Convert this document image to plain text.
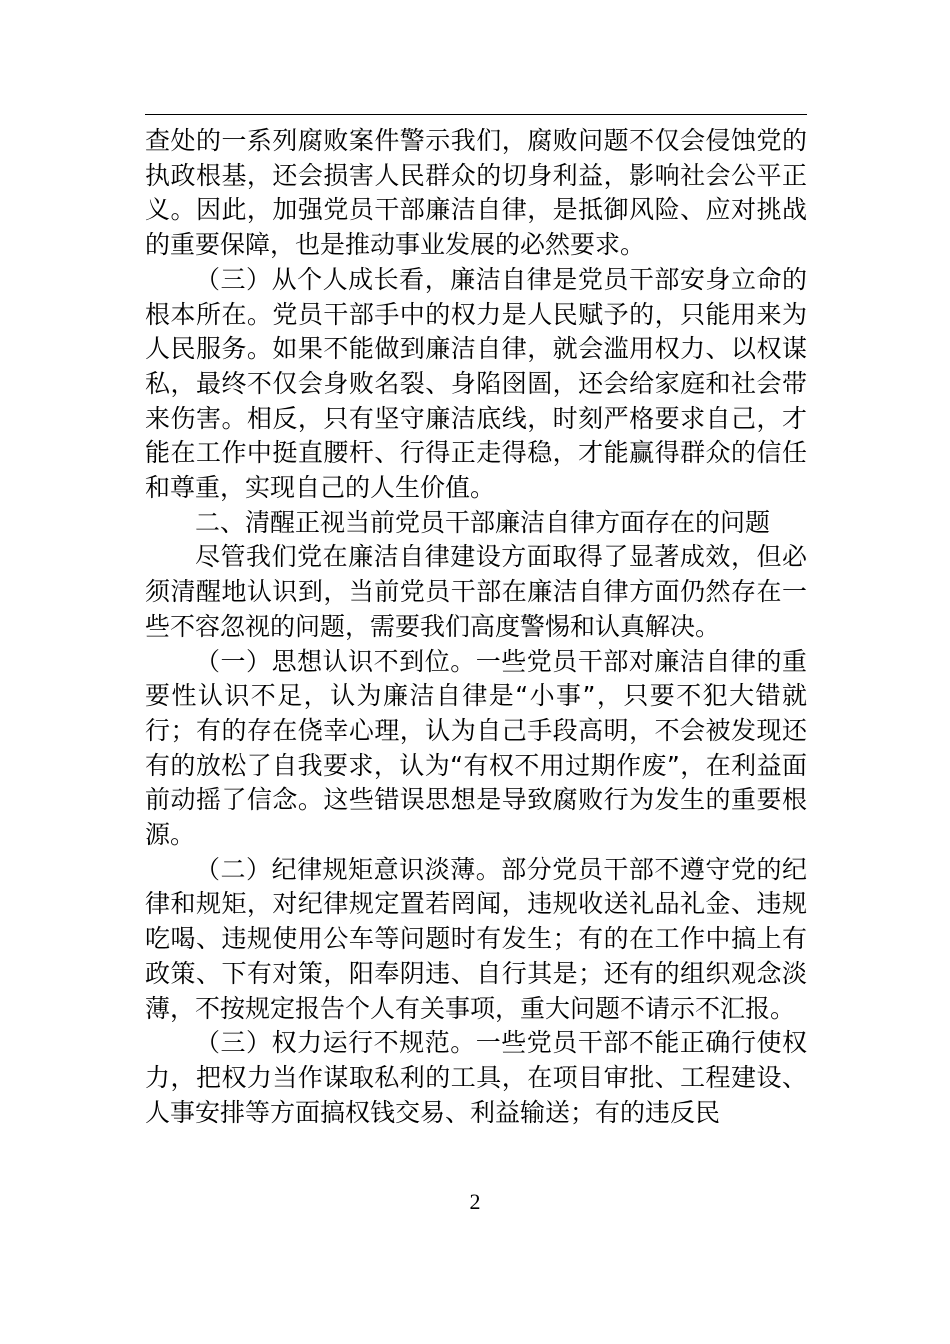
查处的一系列腐败案件警示我们，腐败问题不仅会侵蚀党的执政根基，还会损害人民群众的切身利益，影响社会公平正义。因此，加强党员干部廉洁自律，是抵御风险、应对挑战的重要保障，也是推动事业发展的必然要求。

（三）从个人成长看，廉洁自律是党员干部安身立命的根本所在。党员干部手中的权力是人民赋予的，只能用来为人民服务。如果不能做到廉洁自律，就会滥用权力、以权谋私，最终不仅会身败名裂、身陷囹圄，还会给家庭和社会带来伤害。相反，只有坚守廉洁底线，时刻严格要求自己，才能在工作中挺直腰杆、行得正走得稳，才能赢得群众的信任和尊重，实现自己的人生价值。

二、清醒正视当前党员干部廉洁自律方面存在的问题

尽管我们党在廉洁自律建设方面取得了显著成效，但必须清醒地认识到，当前党员干部在廉洁自律方面仍然存在一些不容忽视的问题，需要我们高度警惕和认真解决。

（一）思想认识不到位。一些党员干部对廉洁自律的重要性认识不足，认为廉洁自律是“小事”，只要不犯大错就行；有的存在侥幸心理，认为自己手段高明，不会被发现还有的放松了自我要求，认为“有权不用过期作废”，在利益面前动摇了信念。这些错误思想是导致腐败行为发生的重要根源。

（二）纪律规矩意识淡薄。部分党员干部不遵守党的纪律和规矩，对纪律规定置若罔闻，违规收送礼品礼金、违规吃喝、违规使用公车等问题时有发生；有的在工作中搞上有政策、下有对策，阳奉阴违、自行其是；还有的组织观念淡薄，不按规定报告个人有关事项，重大问题不请示不汇报。

（三）权力运行不规范。一些党员干部不能正确行使权力，把权力当作谋取私利的工具，在项目审批、工程建设、人事安排等方面搞权钱交易、利益输送；有的违反民

2
